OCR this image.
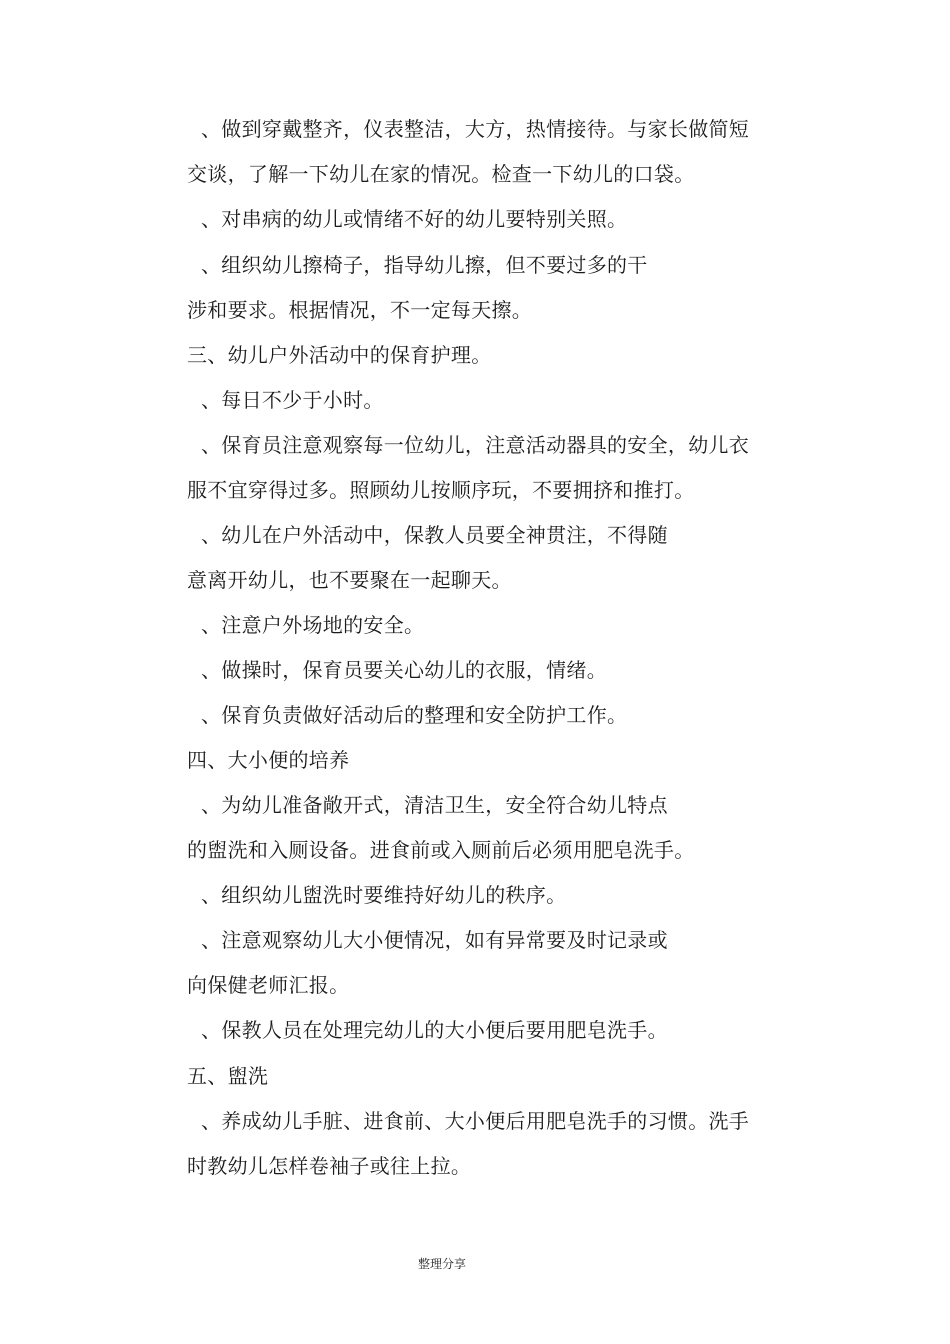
、做到穿戴整齐，仪表整洁，大方，热情接待。与家长做简短
交谈，了解一下幼儿在家的情况。检查一下幼儿的口袋。
、对串病的幼儿或情绪不好的幼儿要特别关照。
、组织幼儿擦椅子，指导幼儿擦，但不要过多的干
涉和要求。根据情况，不一定每天擦。
三、幼儿户外活动中的保育护理。
、每日不少于小时。
、保育员注意观察每一位幼儿，注意活动器具的安全，幼儿衣
服不宜穿得过多。照顾幼儿按顺序玩，不要拥挤和推打。
、幼儿在户外活动中，保教人员要全神贯注，不得随
意离开幼儿，也不要聚在一起聊天。
、注意户外场地的安全。
、做操时，保育员要关心幼儿的衣服，情绪。
、保育负责做好活动后的整理和安全防护工作。
四、大小便的培养
、为幼儿准备敞开式，清洁卫生，安全符合幼儿特点
的盥洗和入厕设备。进食前或入厕前后必须用肥皂洗手。
、组织幼儿盥洗时要维持好幼儿的秩序。
、注意观察幼儿大小便情况，如有异常要及时记录或
向保健老师汇报。
、保教人员在处理完幼儿的大小便后要用肥皂洗手。
五、盥洗
、养成幼儿手脏、进食前、大小便后用肥皂洗手的习惯。洗手
时教幼儿怎样卷袖子或往上拉。
整理分享
